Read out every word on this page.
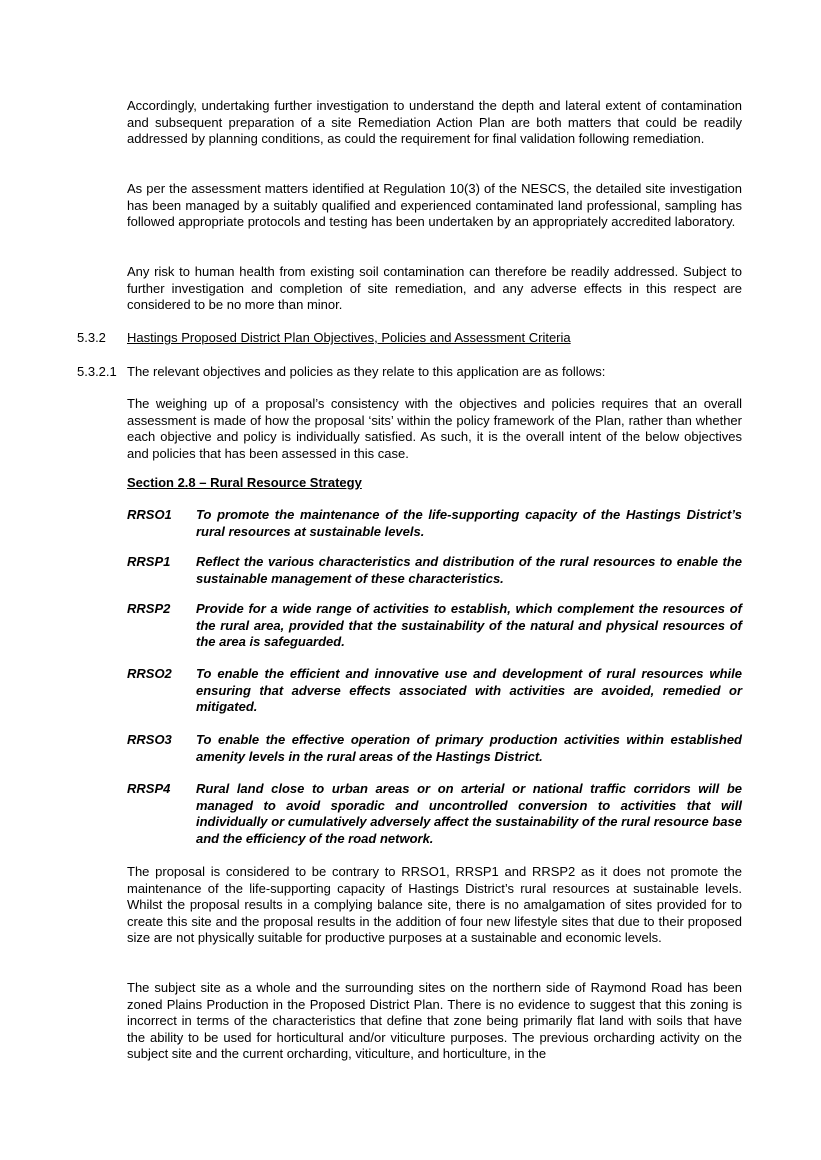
Accordingly, undertaking further investigation to understand the depth and lateral extent of contamination and subsequent preparation of a site Remediation Action Plan are both matters that could be readily addressed by planning conditions, as could the requirement for final validation following remediation.

As per the assessment matters identified at Regulation 10(3) of the NESCS, the detailed site investigation has been managed by a suitably qualified and experienced contaminated land professional, sampling has followed appropriate protocols and testing has been undertaken by an appropriately accredited laboratory.

Any risk to human health from existing soil contamination can therefore be readily addressed. Subject to further investigation and completion of site remediation, and any adverse effects in this respect are considered to be no more than minor.

5.3.2 Hastings Proposed District Plan Objectives, Policies and Assessment Criteria
5.3.2.1 The relevant objectives and policies as they relate to this application are as follows:

The weighing up of a proposal’s consistency with the objectives and policies requires that an overall assessment is made of how the proposal ‘sits’ within the policy framework of the Plan, rather than whether each objective and policy is individually satisfied. As such, it is the overall intent of the below objectives and policies that has been assessed in this case.

Section 2.8 – Rural Resource Strategy
RRSO1 To promote the maintenance of the life-supporting capacity of the Hastings District’s rural resources at sustainable levels.
RRSP1 Reflect the various characteristics and distribution of the rural resources to enable the sustainable management of these characteristics.
RRSP2 Provide for a wide range of activities to establish, which complement the resources of the rural area, provided that the sustainability of the natural and physical resources of the area is safeguarded.
RRSO2 To enable the efficient and innovative use and development of rural resources while ensuring that adverse effects associated with activities are avoided, remedied or mitigated.
RRSO3 To enable the effective operation of primary production activities within established amenity levels in the rural areas of the Hastings District.
RRSP4 Rural land close to urban areas or on arterial or national traffic corridors will be managed to avoid sporadic and uncontrolled conversion to activities that will individually or cumulatively adversely affect the sustainability of the rural resource base and the efficiency of the road network.

The proposal is considered to be contrary to RRSO1, RRSP1 and RRSP2 as it does not promote the maintenance of the life-supporting capacity of Hastings District’s rural resources at sustainable levels. Whilst the proposal results in a complying balance site, there is no amalgamation of sites provided for to create this site and the proposal results in the addition of four new lifestyle sites that due to their proposed size are not physically suitable for productive purposes at a sustainable and economic levels.

The subject site as a whole and the surrounding sites on the northern side of Raymond Road has been zoned Plains Production in the Proposed District Plan. There is no evidence to suggest that this zoning is incorrect in terms of the characteristics that define that zone being primarily flat land with soils that have the ability to be used for horticultural and/or viticulture purposes. The previous orcharding activity on the subject site and the current orcharding, viticulture, and horticulture, in the
